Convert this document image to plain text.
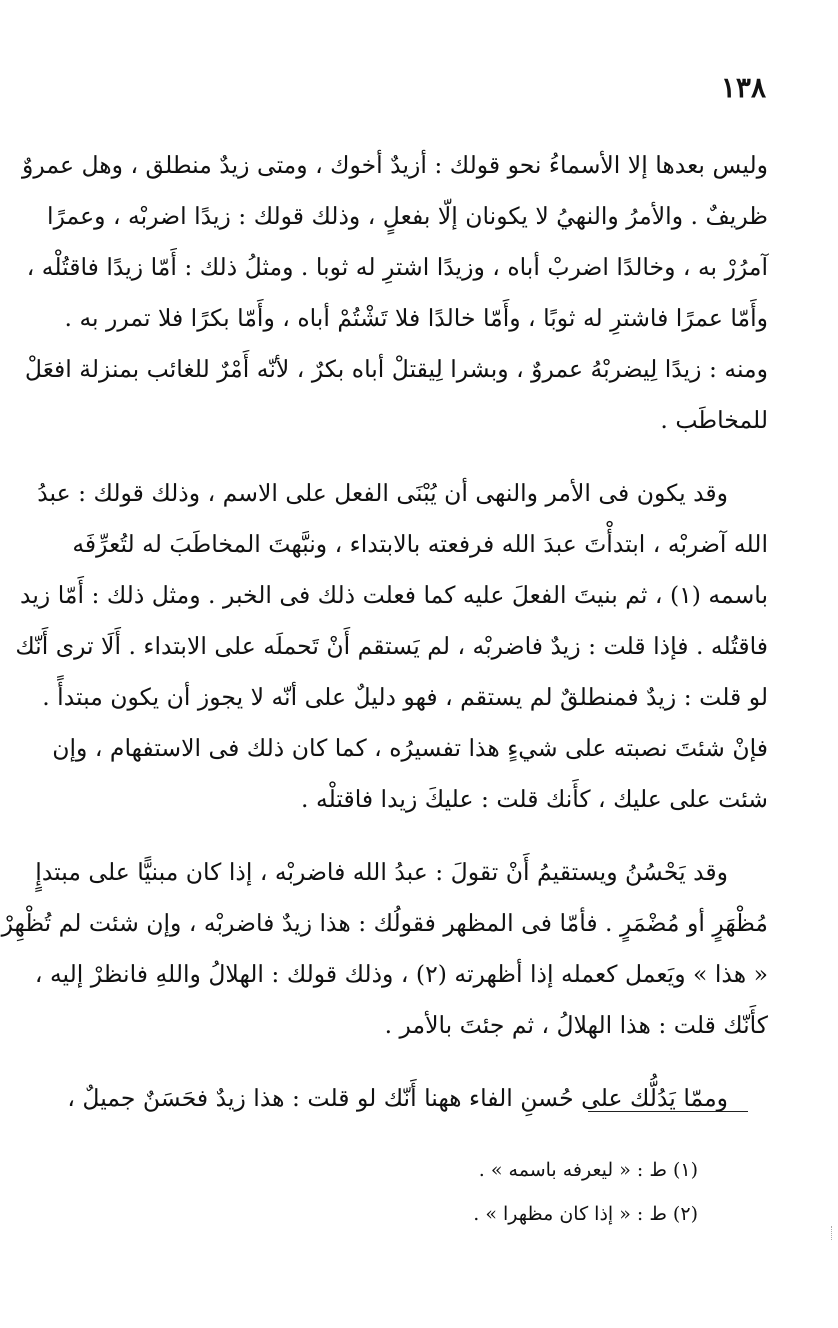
١٣٨

وليس بعدها إلا الأسماءُ نحو قولك : أزيدٌ أخوك ، ومتى زيدٌ منطلق ، وهل عمروٌ
ظريفٌ . والأمرُ والنهيُ لا يكونان إلّا بفعلٍ ، وذلك قولك : زيدًا اضربْه ، وعمرًا
آمرُرْ به ، وخالدًا اضربْ أباه ، وزيدًا اشترِ له ثوبا . ومثلُ ذلك : أَمّا زيدًا فاقتُلْه ،
وأَمّا عمرًا فاشترِ له ثوبًا ، وأَمّا خالدًا فلا تَشْتُمْ أباه ، وأَمّا بكرًا فلا تمرر به .
ومنه : زيدًا لِيضربْهُ عمروٌ ، وبشرا لِيقتلْ أباه بكرٌ ، لأنّه أَمْرٌ للغائب بمنزلة افعَلْ
للمخاطَب .

وقد يكون فى الأمر والنهى أن يُبْنَى الفعل على الاسم ، وذلك قولك : عبدُ
الله آضربْه ، ابتدأْتَ عبدَ الله فرفعته بالابتداء ، ونبَّهتَ المخاطَبَ له لتُعرِّفَه
باسمه (١) ، ثم بنيتَ الفعلَ عليه كما فعلت ذلك فى الخبر . ومثل ذلك : أَمّا زيد
فاقتُله . فإذا قلت : زيدٌ فاضربْه ، لم يَستقم أَنْ تَحملَه على الابتداء . أَلَا ترى أَنّك
لو قلت : زيدٌ فمنطلقٌ لم يستقم ، فهو دليلٌ على أنّه لا يجوز أن يكون مبتدأً .
فإنْ شئتَ نصبته على شيءٍ هذا تفسيرُه ، كما كان ذلك فى الاستفهام ، وإن
شئت على عليك ، كأَنك قلت : عليكَ زيدا فاقتلْه .

وقد يَحْسُنُ ويستقيمُ أَنْ تقولَ : عبدُ الله فاضربْه ، إذا كان مبنيًّا على مبتدإٍ
مُظْهَرٍ أو مُضْمَرٍ . فأمّا فى المظهر فقولُك : هذا زيدٌ فاضربْه ، وإن شئت لم تُظْهِرْ
« هذا » ويَعمل كعمله إذا أظهرته (٢) ، وذلك قولك : الهلالُ واللهِ فانظرْ إليه ،
كأَنّك قلت : هذا الهلالُ ، ثم جئتَ بالأمر .

وممّا يَدُلُّك على حُسنِ الفاء ههنا أَنّك لو قلت : هذا زيدٌ فحَسَنٌ جميلٌ ،

(١) ط : « ليعرفه باسمه » .
(٢) ط : « إذا كان مظهرا » .
